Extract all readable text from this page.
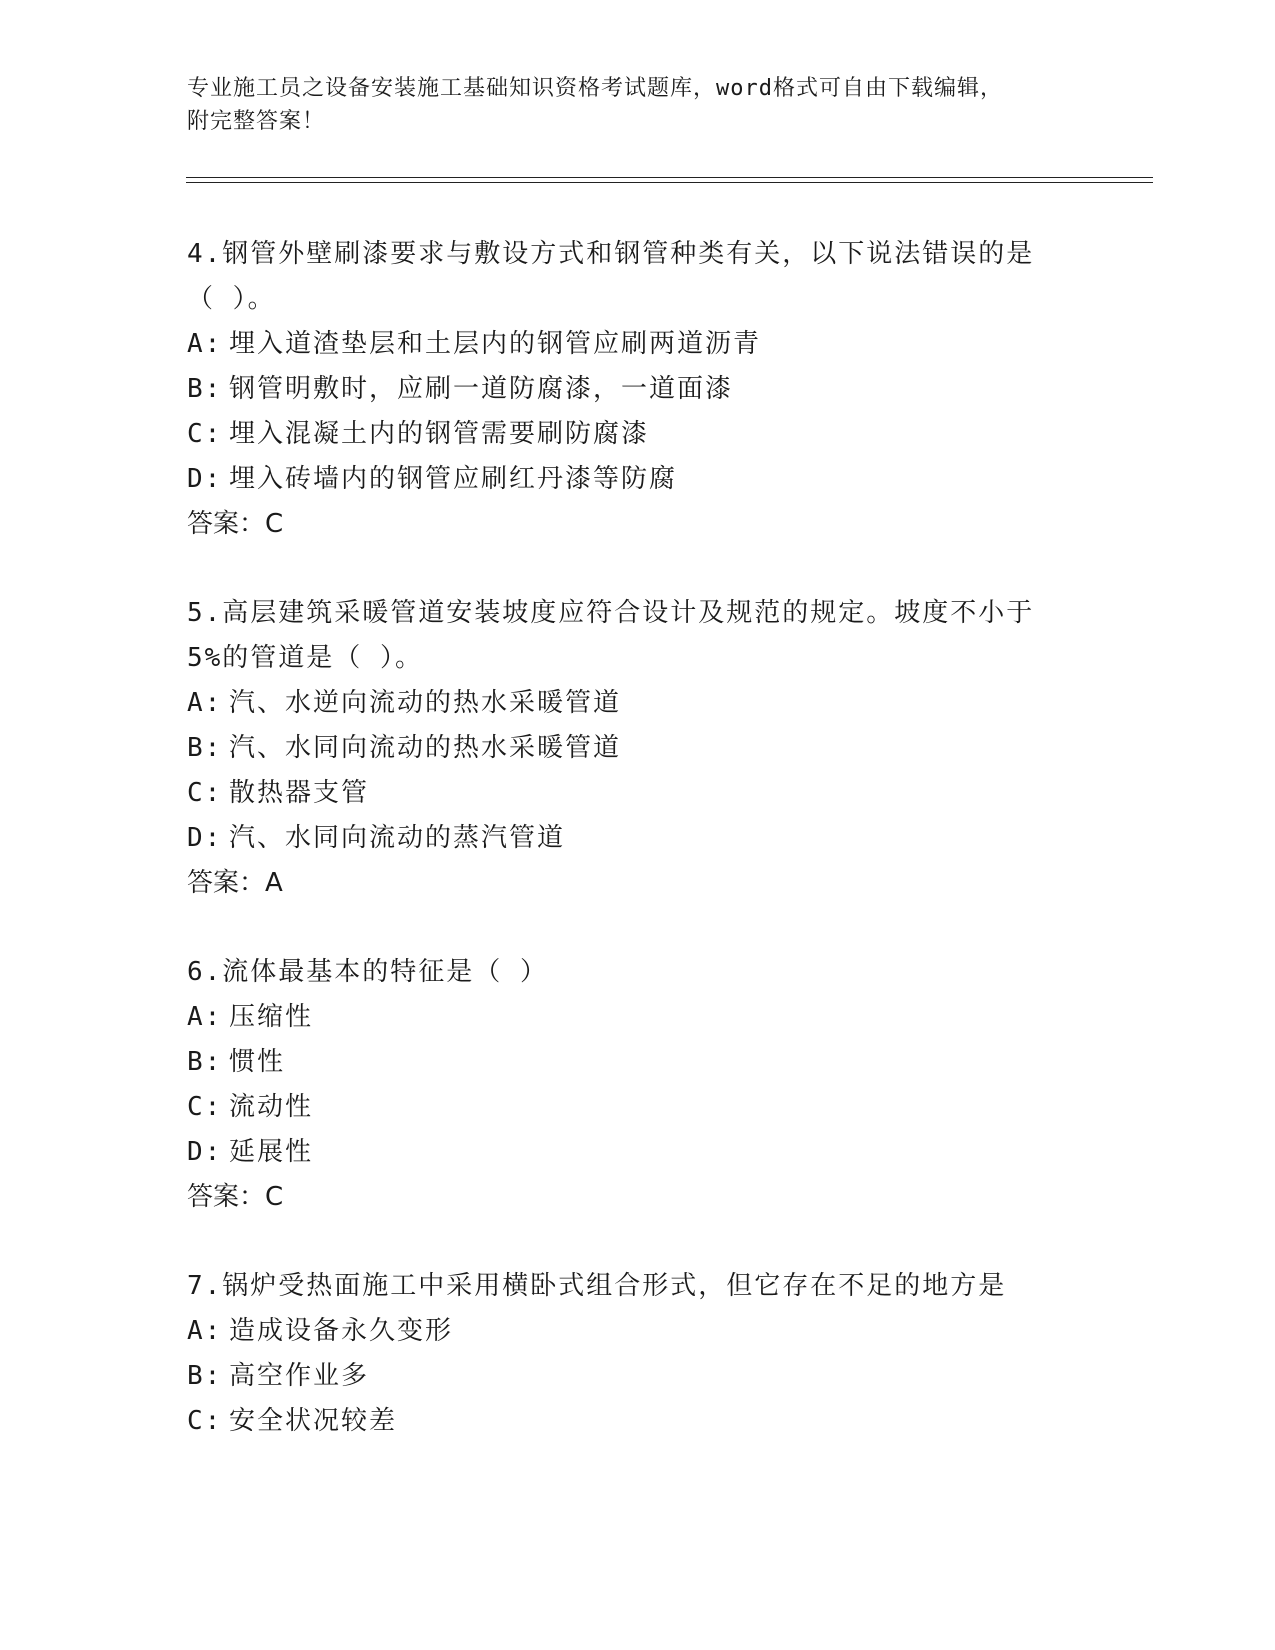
专业施工员之设备安装施工基础知识资格考试题库，word格式可自由下载编辑，
附完整答案！
4.钢管外壁刷漆要求与敷设方式和钢管种类有关，以下说法错误的是
（ ）。
A: 埋入道渣垫层和土层内的钢管应刷两道沥青
B: 钢管明敷时，应刷一道防腐漆，一道面漆
C: 埋入混凝土内的钢管需要刷防腐漆
D: 埋入砖墙内的钢管应刷红丹漆等防腐
答案：C
5.高层建筑采暖管道安装坡度应符合设计及规范的规定。坡度不小于
5%的管道是（ ）。
A: 汽、水逆向流动的热水采暖管道
B: 汽、水同向流动的热水采暖管道
C: 散热器支管
D: 汽、水同向流动的蒸汽管道
答案：A
6.流体最基本的特征是（ ）
A: 压缩性
B: 惯性
C: 流动性
D: 延展性
答案：C
7.锅炉受热面施工中采用横卧式组合形式，但它存在不足的地方是
A: 造成设备永久变形
B: 高空作业多
C: 安全状况较差
